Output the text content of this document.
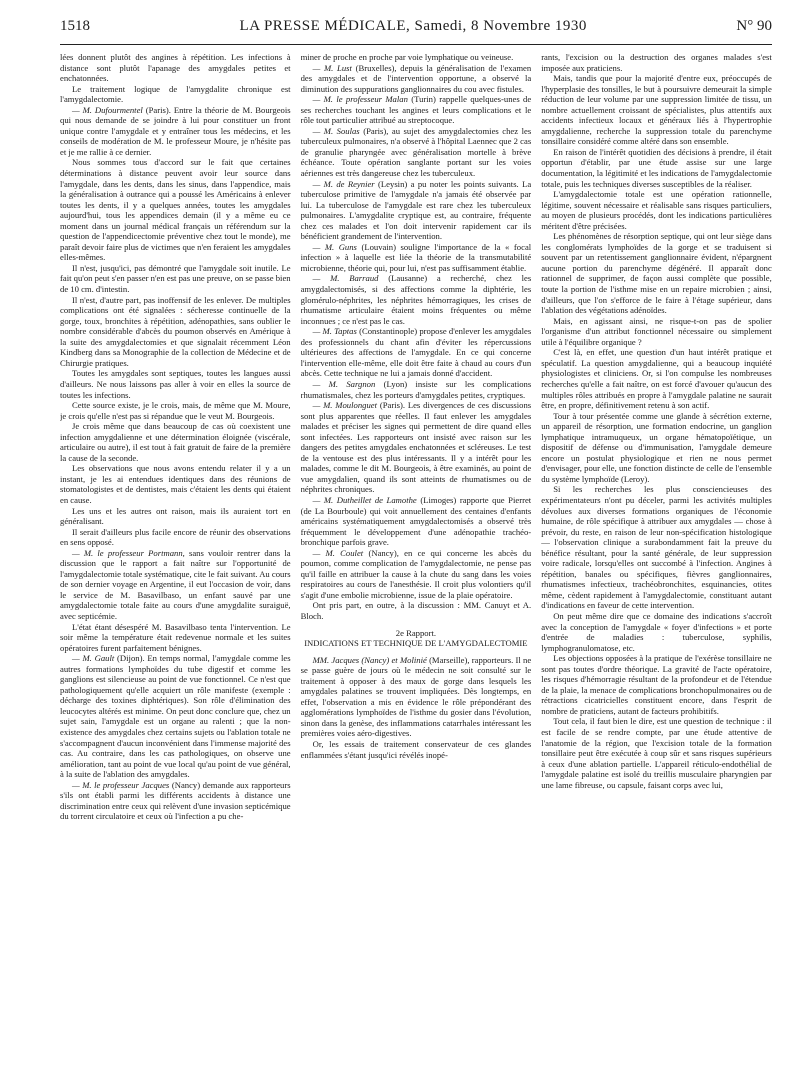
1518	LA PRESSE MÉDICALE, Samedi, 8 Novembre 1930	N° 90

lées donnent plutôt des angines à répétition. Les infections à distance sont plutôt l'apanage des amygdales petites et enchatonnées.

Le traitement logique de l'amygdalite chronique est l'amygdalectomie.

— M. Dufourmentel (Paris). Entre la théorie de M. Bourgeois qui nous demande de se joindre à lui pour constituer un front unique contre l'amygdale et y entraîner tous les médecins, et les conseils de modération de M. le professeur Moure, je n'hésite pas et je me rallie à ce dernier.

Nous sommes tous d'accord sur le fait que certaines déterminations à distance peuvent avoir leur source dans l'amygdale, dans les dents, dans les sinus, dans l'appendice, mais la généralisation à outrance qui a poussé les Américains à enlever toutes les dents, il y a quelques années, toutes les amygdales aujourd'hui, tous les appendices demain (il y a même eu ce moment dans un journal médical français un référendum sur la question de l'appendicectomie préventive chez tout le monde), me paraît devoir faire plus de victimes que n'en feraient les amygdales elles-mêmes.

Il n'est, jusqu'ici, pas démontré que l'amygdale soit inutile. Le fait qu'on peut s'en passer n'en est pas une preuve, on se passe bien de 10 cm. d'intestin.

Il n'est, d'autre part, pas inoffensif de les enlever. De multiples complications ont été signalées : sécheresse continuelle de la gorge, toux, bronchites à répétition, adénopathies, sans oublier le nombre considérable d'abcès du poumon observés en Amérique à la suite des amygdalectomies et que signalait récemment Léon Kindberg dans sa Monographie de la collection de Médecine et de Chirurgie pratiques.

Toutes les amygdales sont septiques, toutes les langues aussi d'ailleurs. Ne nous laissons pas aller à voir en elles la source de toutes les infections.

Cette source existe, je le crois, mais, de même que M. Moure, je crois qu'elle n'est pas si répandue que le veut M. Bourgeois.

Je crois même que dans beaucoup de cas où coexistent une infection amygdalienne et une détermination éloignée (viscérale, articulaire ou autre), il est tout à fait gratuit de faire de la première la cause de la seconde.

Les observations que nous avons entendu relater il y a un instant, je les ai entendues identiques dans des réunions de stomatologistes et de dentistes, mais c'étaient les dents qui étaient en cause.

Les uns et les autres ont raison, mais ils auraient tort en généralisant.

Il serait d'ailleurs plus facile encore de réunir des observations en sens opposé.

— M. le professeur Portmann, sans vouloir rentrer dans la discussion que le rapport a fait naître sur l'opportunité de l'amygdalectomie totale systématique, cite le fait suivant. Au cours de son dernier voyage en Argentine, il eut l'occasion de voir, dans le service de M. Basavilbaso, un enfant sauvé par une amygdalectomie totale faite au cours d'une amygdalite suraiguë, avec septicémie.

L'état étant désespéré M. Basavilbaso tenta l'intervention. Le soir même la température était redevenue normale et les suites opératoires furent parfaitement bénignes.

— M. Gault (Dijon). En temps normal, l'amygdale comme les autres formations lymphoïdes du tube digestif et comme les ganglions est silencieuse au point de vue fonctionnel. Ce n'est que pathologiquement qu'elle acquiert un rôle manifeste (exemple : décharge des toxines diphtériques). Son rôle d'élimination des leucocytes altérés est minime. On peut donc conclure que, chez un sujet sain, l'amygdale est un organe au ralenti ; que la non-existence des amygdales chez certains sujets ou l'ablation totale ne s'accompagnent d'aucun inconvénient dans l'immense majorité des cas. Au contraire, dans les cas pathologiques, on observe une amélioration, tant au point de vue local qu'au point de vue général, à la suite de l'ablation des amygdales.

— M. le professeur Jacques (Nancy) demande aux rapporteurs s'ils ont établi parmi les différents accidents à distance une discrimination entre ceux qui relèvent d'une invasion septicémique du torrent circulatoire et ceux où l'infection a pu che-

miner de proche en proche par voie lymphatique ou veineuse.

— M. Lust (Bruxelles), depuis la généralisation de l'examen des amygdales et de l'intervention opportune, a observé la diminution des suppurations ganglionnaires du cou avec fistules.

— M. le professeur Malan (Turin) rappelle quelques-unes de ses recherches touchant les angines et leurs complications et le rôle tout particulier attribué au streptocoque.

— M. Soulas (Paris), au sujet des amygdalectomies chez les tuberculeux pulmonaires, n'a observé à l'hôpital Laennec que 2 cas de granulie pharyngée avec généralisation mortelle à brève échéance. Toute opération sanglante portant sur les voies aériennes est très dangereuse chez les tuberculeux.

— M. de Reynier (Leysin) a pu noter les points suivants. La tuberculose primitive de l'amygdale n'a jamais été observée par lui. La tuberculose de l'amygdale est rare chez les tuberculeux pulmonaires. L'amygdalite cryptique est, au contraire, fréquente chez ces malades et l'on doit intervenir rapidement car ils bénéficient grandement de l'intervention.

— M. Guns (Louvain) souligne l'importance de la « focal infection » à laquelle est liée la théorie de la transmutabilité microbienne, théorie qui, pour lui, n'est pas suffisamment établie.

— M. Barraud (Lausanne) a recherché, chez les amygdalectomisés, si des affections comme la diphtérie, les glomérulo-néphrites, les néphrites hémorragiques, les crises de rhumatisme articulaire étaient moins fréquentes ou même inconnues ; ce n'est pas le cas.

— M. Taptas (Constantinople) propose d'enlever les amygdales des professionnels du chant afin d'éviter les répercussions ultérieures des affections de l'amygdale. En ce qui concerne l'intervention elle-même, elle doit être faite à chaud au cours d'un abcès. Cette technique ne lui a jamais donné d'accident.

— M. Sargnon (Lyon) insiste sur les complications rhumatismales, chez les porteurs d'amygdales petites, cryptiques.

— M. Moulonguet (Paris). Les divergences de ces discussions sont plus apparentes que réelles. Il faut enlever les amygdales malades et préciser les signes qui permettent de dire quand elles sont infectées. Les rapporteurs ont insisté avec raison sur les dangers des petites amygdales enchatonnées et scléreuses. Le test de la ventouse est des plus intéressants. Il y a intérêt pour les malades, comme le dit M. Bourgeois, à être examinés, au point de vue amygdalien, quand ils sont atteints de rhumatismes ou de néphrites chroniques.

— M. Dutheillet de Lamothe (Limoges) rapporte que Pierret (de La Bourboule) qui voit annuellement des centaines d'enfants américains systématiquement amygdalectomisés a observé très fréquemment le développement d'une adénopathie trachéo-bronchique parfois grave.

— M. Coulet (Nancy), en ce qui concerne les abcès du poumon, comme complication de l'amygdalectomie, ne pense pas qu'il faille en attribuer la cause à la chute du sang dans les voies respiratoires au cours de l'anesthésie. Il croit plus volontiers qu'il s'agit d'une embolie microbienne, issue de la plaie opératoire.

Ont pris part, en outre, à la discussion : MM. Canuyt et A. Bloch.

2e Rapport.

INDICATIONS ET TECHNIQUE DE L'AMYGDALECTOMIE

MM. Jacques (Nancy) et Molinié (Marseille), rapporteurs. Il ne se passe guère de jours où le médecin ne soit consulté sur le traitement à opposer à des maux de gorge dans lesquels les amygdales palatines se trouvent impliquées. Dès longtemps, en effet, l'observation a mis en évidence le rôle prépondérant des agglomérations lymphoïdes de l'isthme du gosier dans l'évolution, sinon dans la genèse, des inflammations catarrhales intéressant les premières voies aéro-digestives.

Or, les essais de traitement conservateur de ces glandes enflammées s'étant jusqu'ici révélés inopé-

rants, l'excision ou la destruction des organes malades s'est imposée aux praticiens.

Mais, tandis que pour la majorité d'entre eux, préoccupés de l'hyperplasie des tonsilles, le but à poursuivre demeurait la simple réduction de leur volume par une suppression limitée de tissu, un nombre actuellement croissant de spécialistes, plus attentifs aux accidents infectieux locaux et généraux liés à l'hypertrophie amygdalienne, recherche la suppression totale du parenchyme tonsillaire considéré comme altéré dans son ensemble.

En raison de l'intérêt quotidien des décisions à prendre, il était opportun d'établir, par une étude assise sur une large documentation, la légitimité et les indications de l'amygdalectomie totale, puis les techniques diverses susceptibles de la réaliser.

L'amygdalectomie totale est une opération rationnelle, légitime, souvent nécessaire et réalisable sans risques particuliers, au moyen de plusieurs procédés, dont les indications particulières méritent d'être précisées.

Les phénomènes de résorption septique, qui ont leur siège dans les conglomérats lymphoïdes de la gorge et se traduisent si souvent par un retentissement ganglionnaire évident, n'épargnent aucune portion du parenchyme dégénéré. Il apparaît donc rationnel de supprimer, de façon aussi complète que possible, toute la portion de l'isthme mise en un repaire microbien ; ainsi, d'ailleurs, que l'on s'efforce de le faire à l'étage supérieur, dans l'ablation des végétations adénoïdes.

Mais, en agissant ainsi, ne risque-t-on pas de spolier l'organisme d'un attribut fonctionnel nécessaire ou simplement utile à l'équilibre organique ?

C'est là, en effet, une question d'un haut intérêt pratique et spéculatif. La question amygdalienne, qui a beaucoup inquiété physiologistes et cliniciens. Or, si l'on compulse les nombreuses recherches qu'elle a fait naître, on est forcé d'avouer qu'aucun des multiples rôles attribués en propre à l'amygdale palatine ne saurait être, en propre, définitivement retenu à son actif.

Tour à tour présentée comme une glande à sécrétion externe, un appareil de résorption, une formation endocrine, un ganglion lymphatique intramuqueux, un organe hématopoïétique, un dispositif de défense ou d'immunisation, l'amygdale demeure encore un postulat physiologique et rien ne nous permet d'envisager, pour elle, une fonction distincte de celle de l'ensemble du système lymphoïde (Leroy).

Si les recherches les plus consciencieuses des expérimentateurs n'ont pu déceler, parmi les activités multiples dévolues aux diverses formations organiques de l'économie humaine, de rôle spécifique à attribuer aux amygdales — chose à prévoir, du reste, en raison de leur non-spécification histologique — l'observation clinique a surabondamment fait la preuve du bénéfice résultant, pour la santé générale, de leur suppression voire radicale, lorsqu'elles ont succombé à l'infection. Angines à répétition, banales ou spécifiques, fièvres ganglionnaires, rhumatismes infectieux, trachéobronchites, esquinancies, otites même, cèdent rapidement à l'amygdalectomie, constituant autant d'indications en faveur de cette intervention.

On peut même dire que ce domaine des indications s'accroît avec la conception de l'amygdale « foyer d'infections » et porte d'entrée de maladies : tuberculose, syphilis, lymphogranulomatose, etc.

Les objections opposées à la pratique de l'exérèse tonsillaire ne sont pas toutes d'ordre théorique. La gravité de l'acte opératoire, les risques d'hémorragie résultant de la profondeur et de l'étendue de la plaie, la menace de complications bronchopulmonaires ou de rétractions cicatricielles constituent encore, dans l'esprit de nombre de praticiens, autant de facteurs prohibitifs.

Tout cela, il faut bien le dire, est une question de technique : il est facile de se rendre compte, par une étude attentive de l'anatomie de la région, que l'excision totale de la formation tonsillaire peut être exécutée à coup sûr et sans risques supérieurs à ceux d'une ablation partielle. L'appareil réticulo-endothélial de l'amygdale palatine est isolé du treillis musculaire pharyngien par une lame fibreuse, ou capsule, faisant corps avec lui,
